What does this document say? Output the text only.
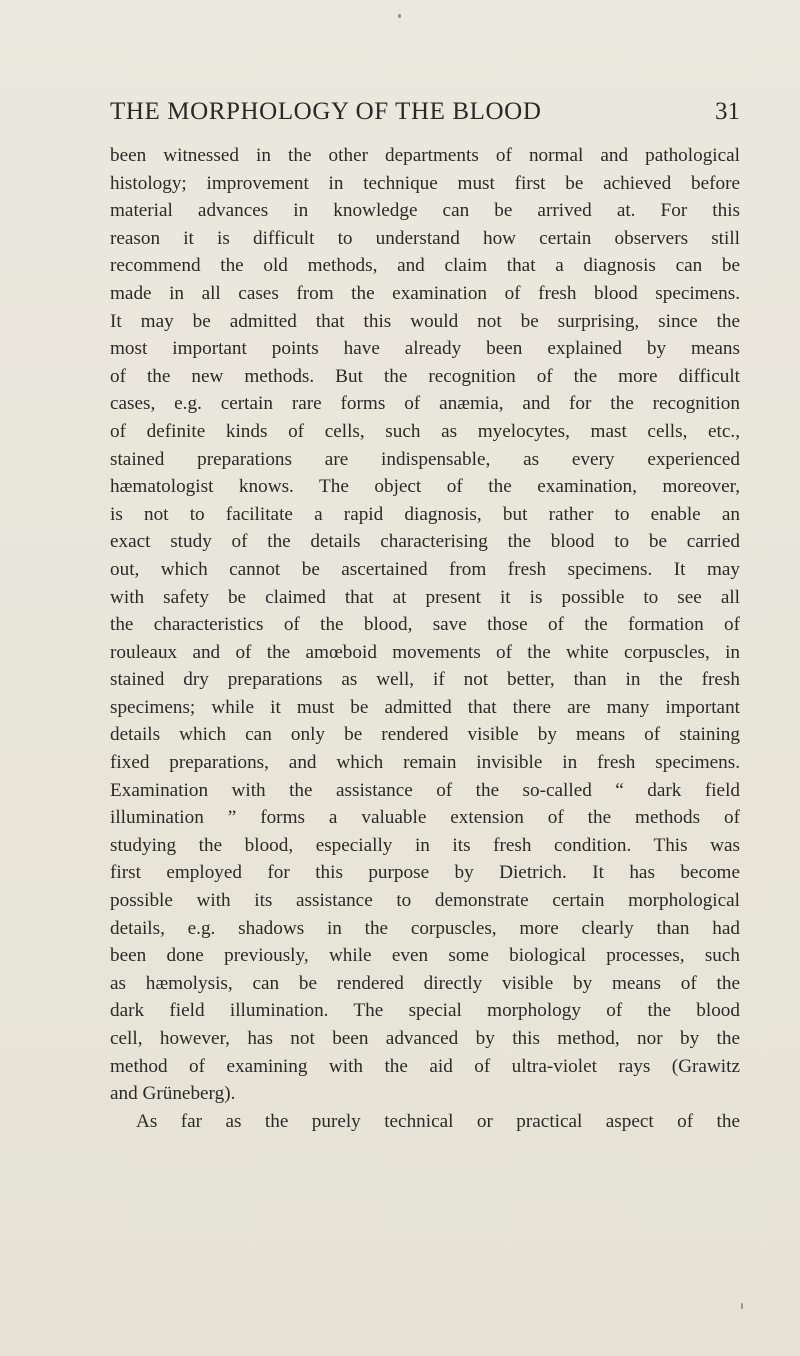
THE MORPHOLOGY OF THE BLOOD	31
been witnessed in the other departments of normal and pathological
histology; improvement in technique must first be achieved before
material advances in knowledge can be arrived at. For this
reason it is difficult to understand how certain observers still
recommend the old methods, and claim that a diagnosis can be
made in all cases from the examination of fresh blood specimens.
It may be admitted that this would not be surprising, since the
most important points have already been explained by means
of the new methods. But the recognition of the more difficult
cases, e.g. certain rare forms of anæmia, and for the recognition
of definite kinds of cells, such as myelocytes, mast cells, etc.,
stained preparations are indispensable, as every experienced
hæmatologist knows. The object of the examination, moreover,
is not to facilitate a rapid diagnosis, but rather to enable an
exact study of the details characterising the blood to be carried
out, which cannot be ascertained from fresh specimens. It may
with safety be claimed that at present it is possible to see all
the characteristics of the blood, save those of the formation of
rouleaux and of the amœboid movements of the white corpuscles, in
stained dry preparations as well, if not better, than in the fresh
specimens; while it must be admitted that there are many important
details which can only be rendered visible by means of staining
fixed preparations, and which remain invisible in fresh specimens.
Examination with the assistance of the so-called “ dark field
illumination ” forms a valuable extension of the methods of
studying the blood, especially in its fresh condition. This was
first employed for this purpose by Dietrich. It has become
possible with its assistance to demonstrate certain morphological
details, e.g. shadows in the corpuscles, more clearly than had
been done previously, while even some biological processes, such
as hæmolysis, can be rendered directly visible by means of the
dark field illumination. The special morphology of the blood
cell, however, has not been advanced by this method, nor by the
method of examining with the aid of ultra-violet rays (Grawitz
and Grüneberg).
As far as the purely technical or practical aspect of the
